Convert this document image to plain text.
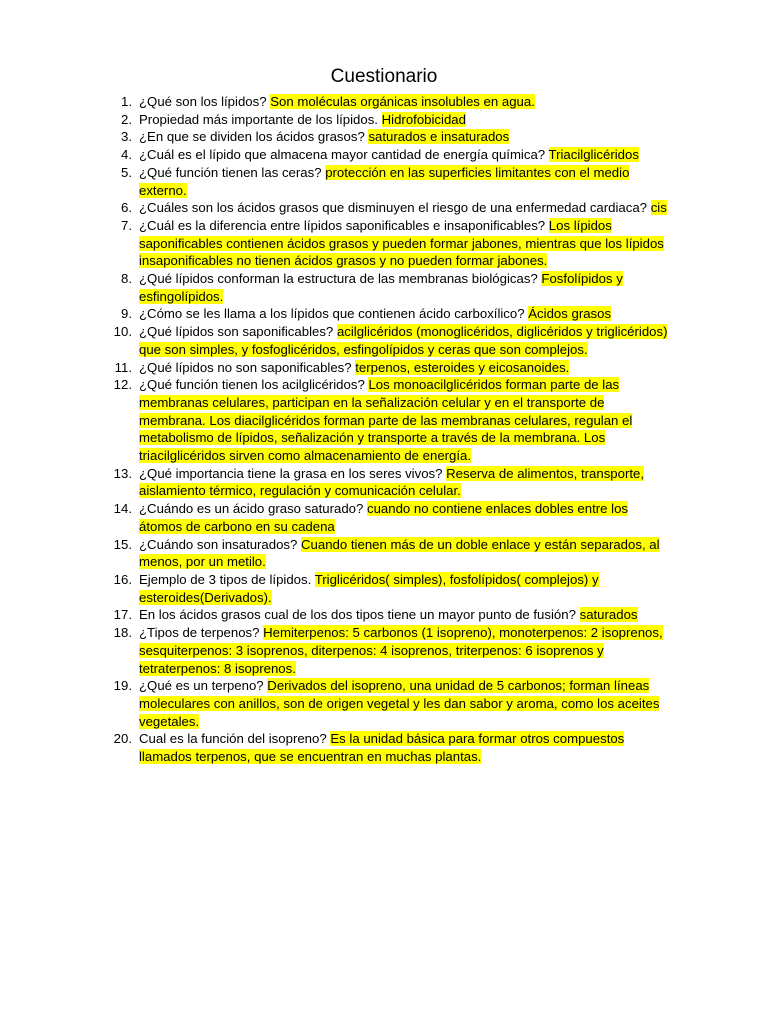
Cuestionario
1 . ¿Qué son los lípidos? Son moléculas orgánicas insolubles en agua.
2 . Propiedad más importante de los lípidos. Hidrofobicidad
3 . ¿En que se dividen los ácidos grasos? saturados e insaturados
4 . ¿Cuál es el lípido que almacena mayor cantidad de energía química? Triacilglicéridos
5 . ¿Qué función tienen las ceras? protección en las superficies limitantes con el medio externo.
6 . ¿Cuáles son los ácidos grasos que disminuyen el riesgo de una enfermedad cardiaca? cis
7 . ¿Cuál es la diferencia entre lípidos saponificables e insaponificables? Los lípidos saponificables contienen ácidos grasos y pueden formar jabones, mientras que los lípidos insaponificables no tienen ácidos grasos y no pueden formar jabones.
8 . ¿Qué lípidos conforman la estructura de las membranas biológicas? Fosfolípidos y esfingolípidos.
9 . ¿Cómo se les llama a los lípidos que contienen ácido carboxílico? Ácidos grasos
10 . ¿Qué lípidos son saponificables? acilglicéridos (monoglicéridos, diglicéridos y triglicéridos) que son simples, y fosfoglicéridos, esfingolípidos y ceras que son complejos.
11 . ¿Qué lípidos no son saponificables? terpenos, esteroides y eicosanoides.
12 . ¿Qué función tienen los acilglicéridos? Los monoacilglicéridos forman parte de las membranas celulares, participan en la señalización celular y en el transporte de membrana. Los diacilglicéridos forman parte de las membranas celulares, regulan el metabolismo de lípidos, señalización y transporte a través de la membrana. Los triacilglicéridos sirven como almacenamiento de energía.
13 . ¿Qué importancia tiene la grasa en los seres vivos? Reserva de alimentos, transporte, aislamiento térmico, regulación y comunicación celular.
14 . ¿Cuándo es un ácido graso saturado? cuando no contiene enlaces dobles entre los átomos de carbono en su cadena
15 . ¿Cuándo son insaturados? Cuando tienen más de un doble enlace y están separados, al menos, por un metilo.
16 . Ejemplo de 3 tipos de lípidos. Triglicéridos( simples), fosfolípidos( complejos) y esteroides(Derivados).
17 . En los ácidos grasos cual de los dos tipos tiene un mayor punto de fusión? saturados
18 . ¿Tipos de terpenos? Hemiterpenos: 5 carbonos (1 isopreno), monoterpenos: 2 isoprenos, sesquiterpenos: 3 isoprenos, diterpenos: 4 isoprenos, triterpenos: 6 isoprenos y tetraterpenos: 8 isoprenos.
19 . ¿Qué es un terpeno? Derivados del isopreno, una unidad de 5 carbonos; forman líneas moleculares con anillos, son de origen vegetal y les dan sabor y aroma, como los aceites vegetales.
20 . Cual es la función del isopreno? Es la unidad básica para formar otros compuestos llamados terpenos, que se encuentran en muchas plantas.
